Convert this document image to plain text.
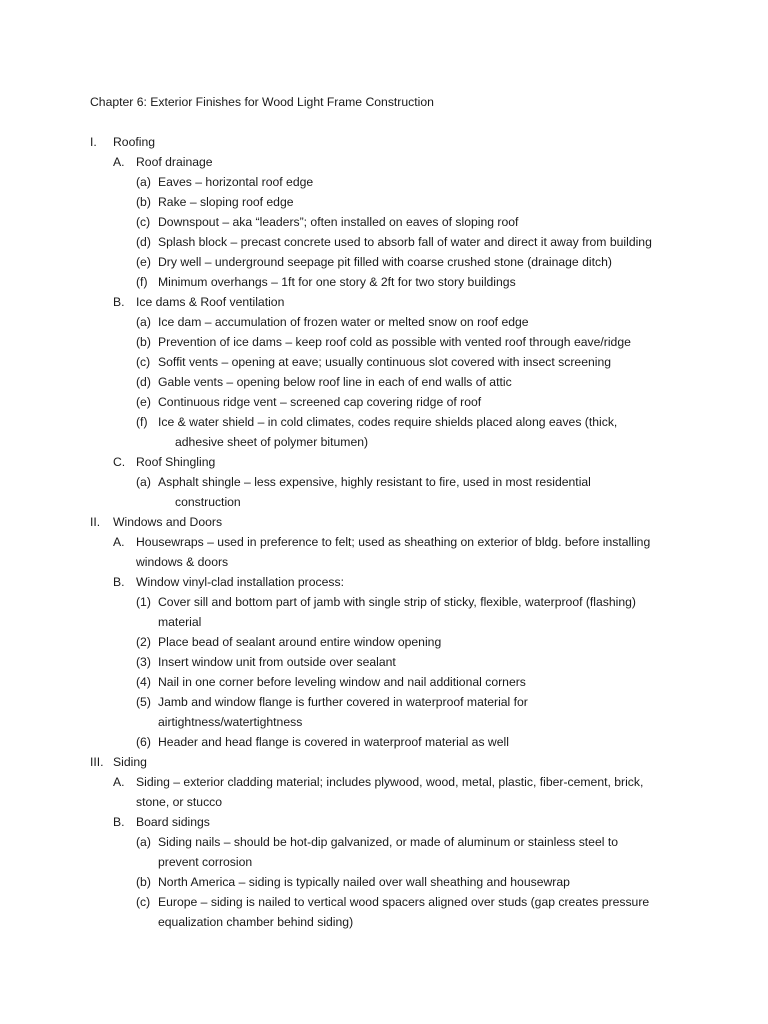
Chapter 6: Exterior Finishes for Wood Light Frame Construction
I. Roofing
A. Roof drainage
(a) Eaves – horizontal roof edge
(b) Rake – sloping roof edge
(c) Downspout – aka “leaders”; often installed on eaves of sloping roof
(d) Splash block – precast concrete used to absorb fall of water and direct it away from building
(e) Dry well – underground seepage pit filled with coarse crushed stone (drainage ditch)
(f) Minimum overhangs – 1ft for one story & 2ft for two story buildings
B. Ice dams & Roof ventilation
(a) Ice dam – accumulation of frozen water or melted snow on roof edge
(b) Prevention of ice dams – keep roof cold as possible with vented roof through eave/ridge
(c) Soffit vents – opening at eave; usually continuous slot covered with insect screening
(d) Gable vents – opening below roof line in each of end walls of attic
(e) Continuous ridge vent – screened cap covering ridge of roof
(f) Ice & water shield – in cold climates, codes require shields placed along eaves (thick,
adhesive sheet of polymer bitumen)
C. Roof Shingling
(a) Asphalt shingle – less expensive, highly resistant to fire, used in most residential
construction
II. Windows and Doors
A. Housewraps – used in preference to felt; used as sheathing on exterior of bldg. before installing
windows & doors
B. Window vinyl-clad installation process:
(1) Cover sill and bottom part of jamb with single strip of sticky, flexible, waterproof (flashing)
material
(2) Place bead of sealant around entire window opening
(3) Insert window unit from outside over sealant
(4) Nail in one corner before leveling window and nail additional corners
(5) Jamb and window flange is further covered in waterproof material for
airtightness/watertightness
(6) Header and head flange is covered in waterproof material as well
III. Siding
A. Siding – exterior cladding material; includes plywood, wood, metal, plastic, fiber-cement, brick,
stone, or stucco
B. Board sidings
(a) Siding nails – should be hot-dip galvanized, or made of aluminum or stainless steel to
prevent corrosion
(b) North America – siding is typically nailed over wall sheathing and housewrap
(c) Europe – siding is nailed to vertical wood spacers aligned over studs (gap creates pressure
equalization chamber behind siding)
